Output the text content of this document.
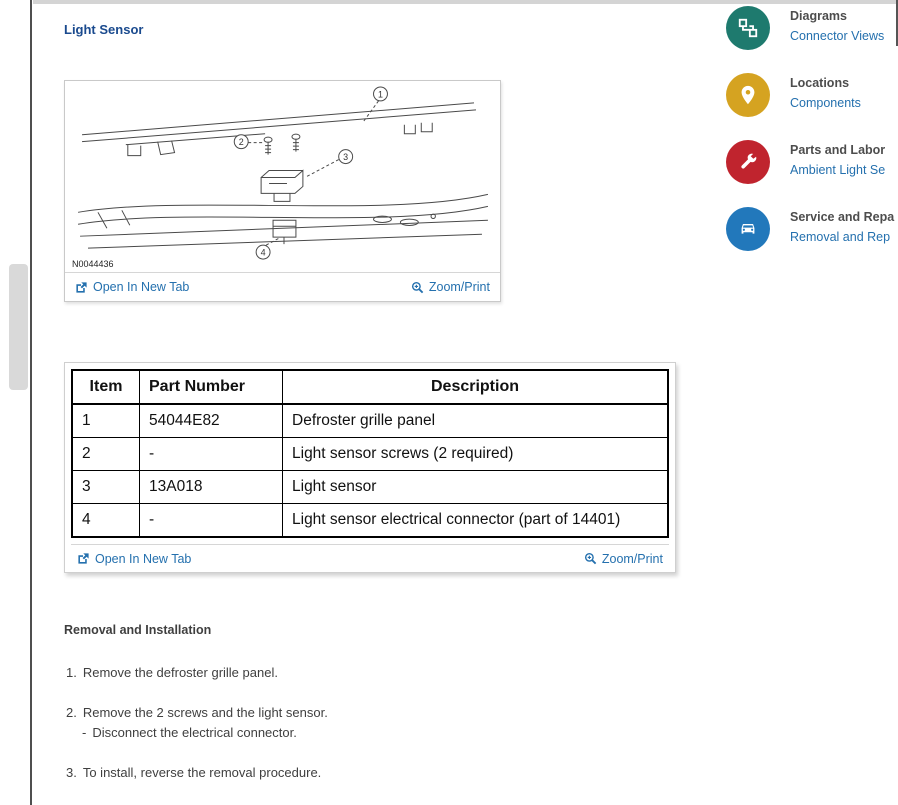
Light Sensor
1
2
3
4
N0044436
Open In New Tab	Zoom/Print
Item	Part Number	Description
1	54044E82	Defroster grille panel
2	-	Light sensor screws (2 required)
3	13A018	Light sensor
4	-	Light sensor electrical connector (part of 14401)
Open In New Tab	Zoom/Print
Removal and Installation
1. Remove the defroster grille panel.
2. Remove the 2 screws and the light sensor.
- Disconnect the electrical connector.
3. To install, reverse the removal procedure.
Diagrams
Connector Views
Locations
Components
Parts and Labor
Ambient Light Se
Service and Repa
Removal and Rep
